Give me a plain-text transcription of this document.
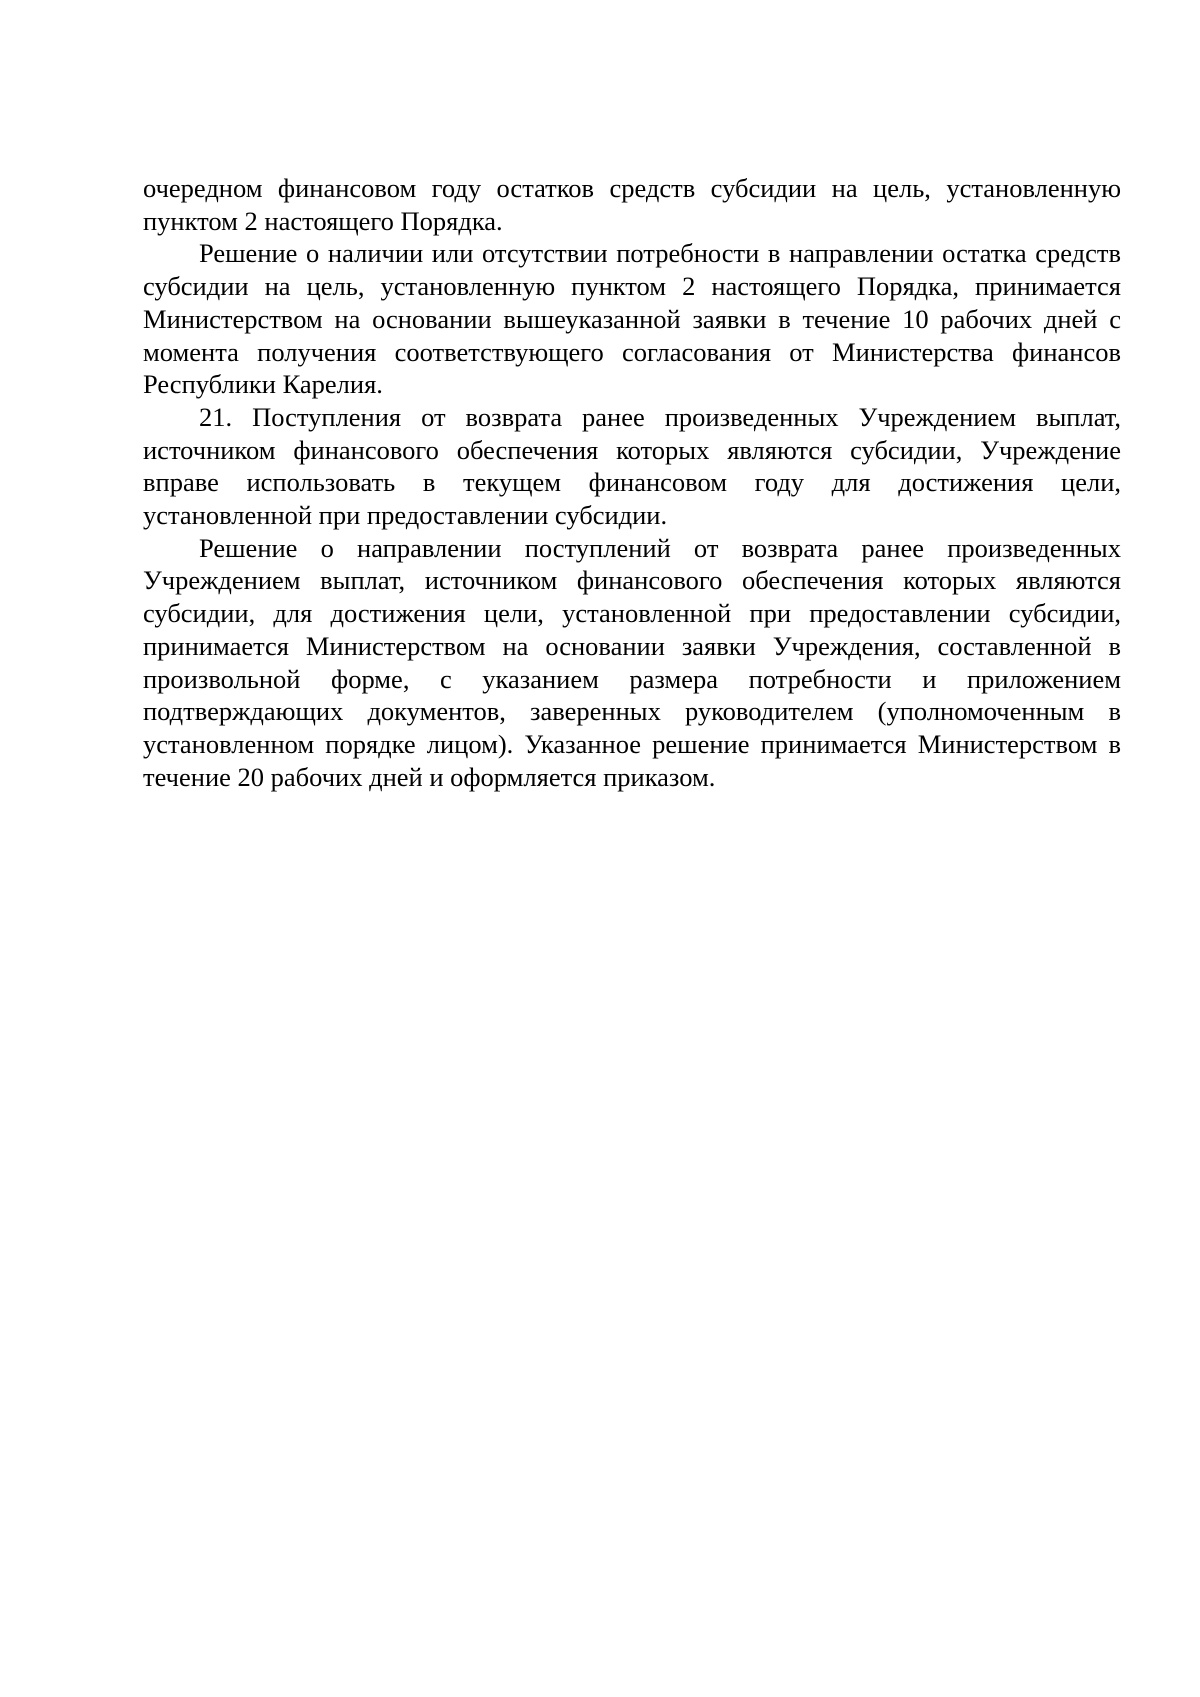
очередном финансовом году остатков средств субсидии на цель, установленную пунктом 2 настоящего Порядка.

Решение о наличии или отсутствии потребности в направлении остатка средств субсидии на цель, установленную пунктом 2 настоящего Порядка, принимается Министерством на основании вышеуказанной заявки в течение 10 рабочих дней с момента получения соответствующего согласования от Министерства финансов Республики Карелия.

21. Поступления от возврата ранее произведенных Учреждением выплат, источником финансового обеспечения которых являются субсидии, Учреждение вправе использовать в текущем финансовом году для достижения цели, установленной при предоставлении субсидии.

Решение о направлении поступлений от возврата ранее произведенных Учреждением выплат, источником финансового обеспечения которых являются субсидии, для достижения цели, установленной при предоставлении субсидии, принимается Министерством на основании заявки Учреждения, составленной в произвольной форме, с указанием размера потребности и приложением подтверждающих документов, заверенных руководителем (уполномоченным в установленном порядке лицом). Указанное решение принимается Министерством в течение 20 рабочих дней и оформляется приказом.
